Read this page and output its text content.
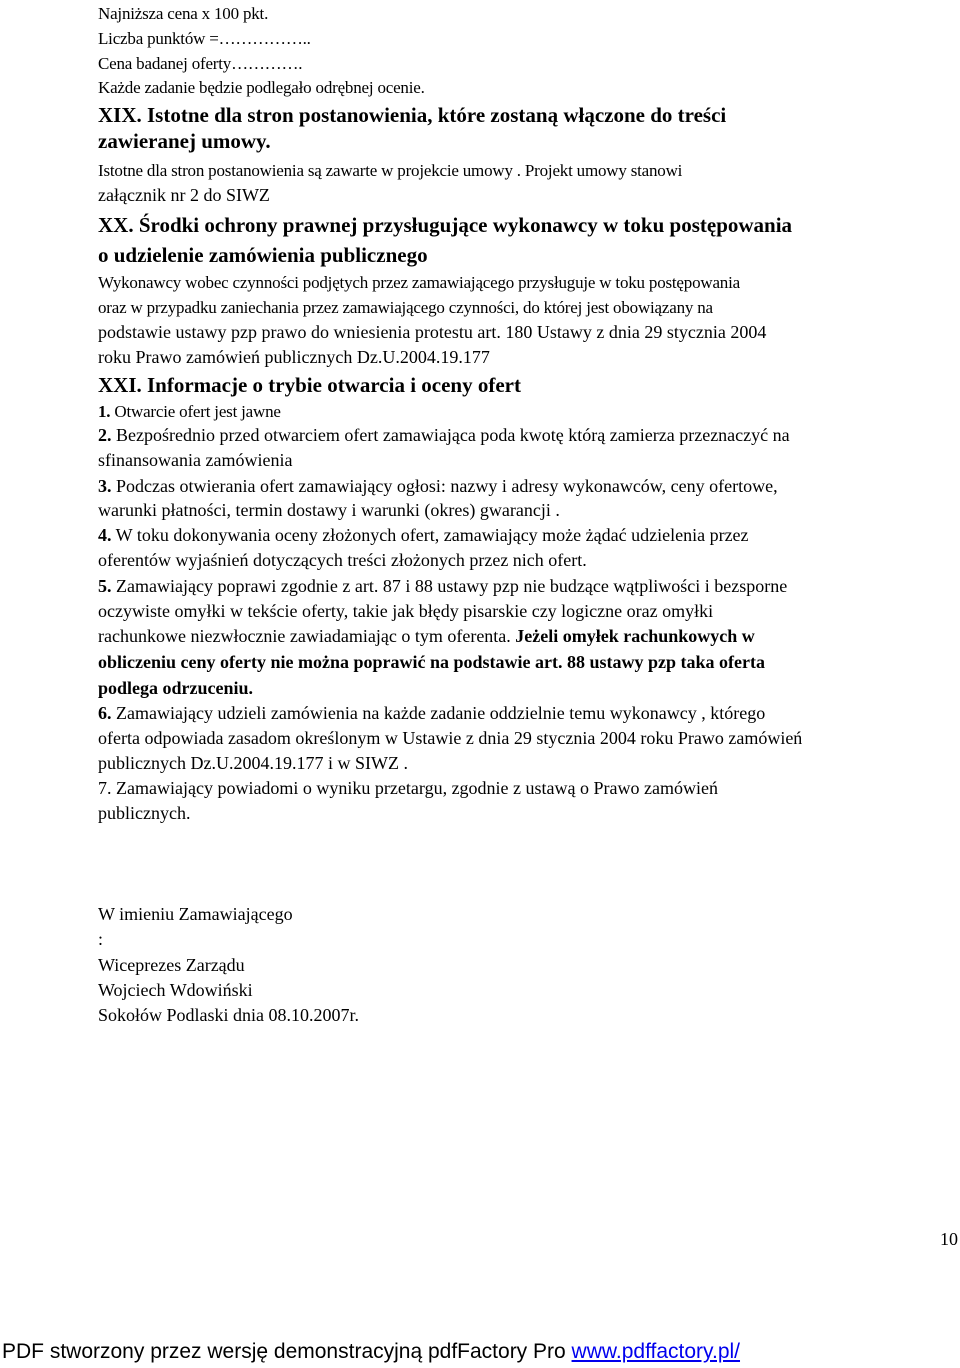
Najniższa cena x 100 pkt.
Liczba punktów =……………..
Cena badanej oferty………….
Każde zadanie będzie podlegało odrębnej ocenie.
XIX. Istotne dla stron postanowienia, które zostaną włączone do treści
zawieranej umowy.
Istotne dla stron postanowienia są zawarte w projekcie umowy . Projekt umowy stanowi
załącznik nr 2 do SIWZ
XX. Środki ochrony prawnej przysługujące wykonawcy w toku postępowania
o udzielenie zamówienia publicznego
Wykonawcy wobec czynności podjętych przez zamawiającego przysługuje w toku postępowania
oraz w przypadku zaniechania przez zamawiającego czynności, do której jest obowiązany na
podstawie ustawy pzp prawo do wniesienia protestu art. 180 Ustawy z dnia 29 stycznia 2004
roku Prawo zamówień publicznych Dz.U.2004.19.177
XXI. Informacje o trybie otwarcia i oceny ofert
1. Otwarcie ofert jest jawne
2. Bezpośrednio przed otwarciem ofert zamawiająca poda kwotę którą zamierza przeznaczyć na
sfinansowania zamówienia
3. Podczas otwierania ofert zamawiający ogłosi: nazwy i adresy wykonawców, ceny ofertowe,
warunki płatności, termin dostawy i warunki (okres) gwarancji .
4. W toku dokonywania oceny złożonych ofert, zamawiający może żądać udzielenia przez
oferentów wyjaśnień dotyczących treści złożonych przez nich ofert.
5. Zamawiający poprawi zgodnie z art. 87 i 88 ustawy pzp nie budzące wątpliwości i bezsporne
oczywiste omyłki w tekście oferty, takie jak błędy pisarskie czy logiczne oraz omyłki
rachunkowe niezwłocznie zawiadamiając o tym oferenta. Jeżeli omyłek rachunkowych w
obliczeniu ceny oferty nie można poprawić na podstawie art. 88 ustawy pzp taka oferta
podlega odrzuceniu.
6. Zamawiający udzieli zamówienia na każde zadanie oddzielnie temu wykonawcy , którego
oferta odpowiada zasadom określonym w Ustawie z dnia 29 stycznia 2004 roku Prawo zamówień
publicznych Dz.U.2004.19.177 i w SIWZ .
7. Zamawiający powiadomi o wyniku przetargu, zgodnie z ustawą o Prawo zamówień
publicznych.
W imieniu Zamawiającego
:
Wiceprezes Zarządu
Wojciech Wdowiński
Sokołów Podlaski dnia 08.10.2007r.
10
PDF stworzony przez wersję demonstracyjną pdfFactory Pro www.pdffactory.pl/
